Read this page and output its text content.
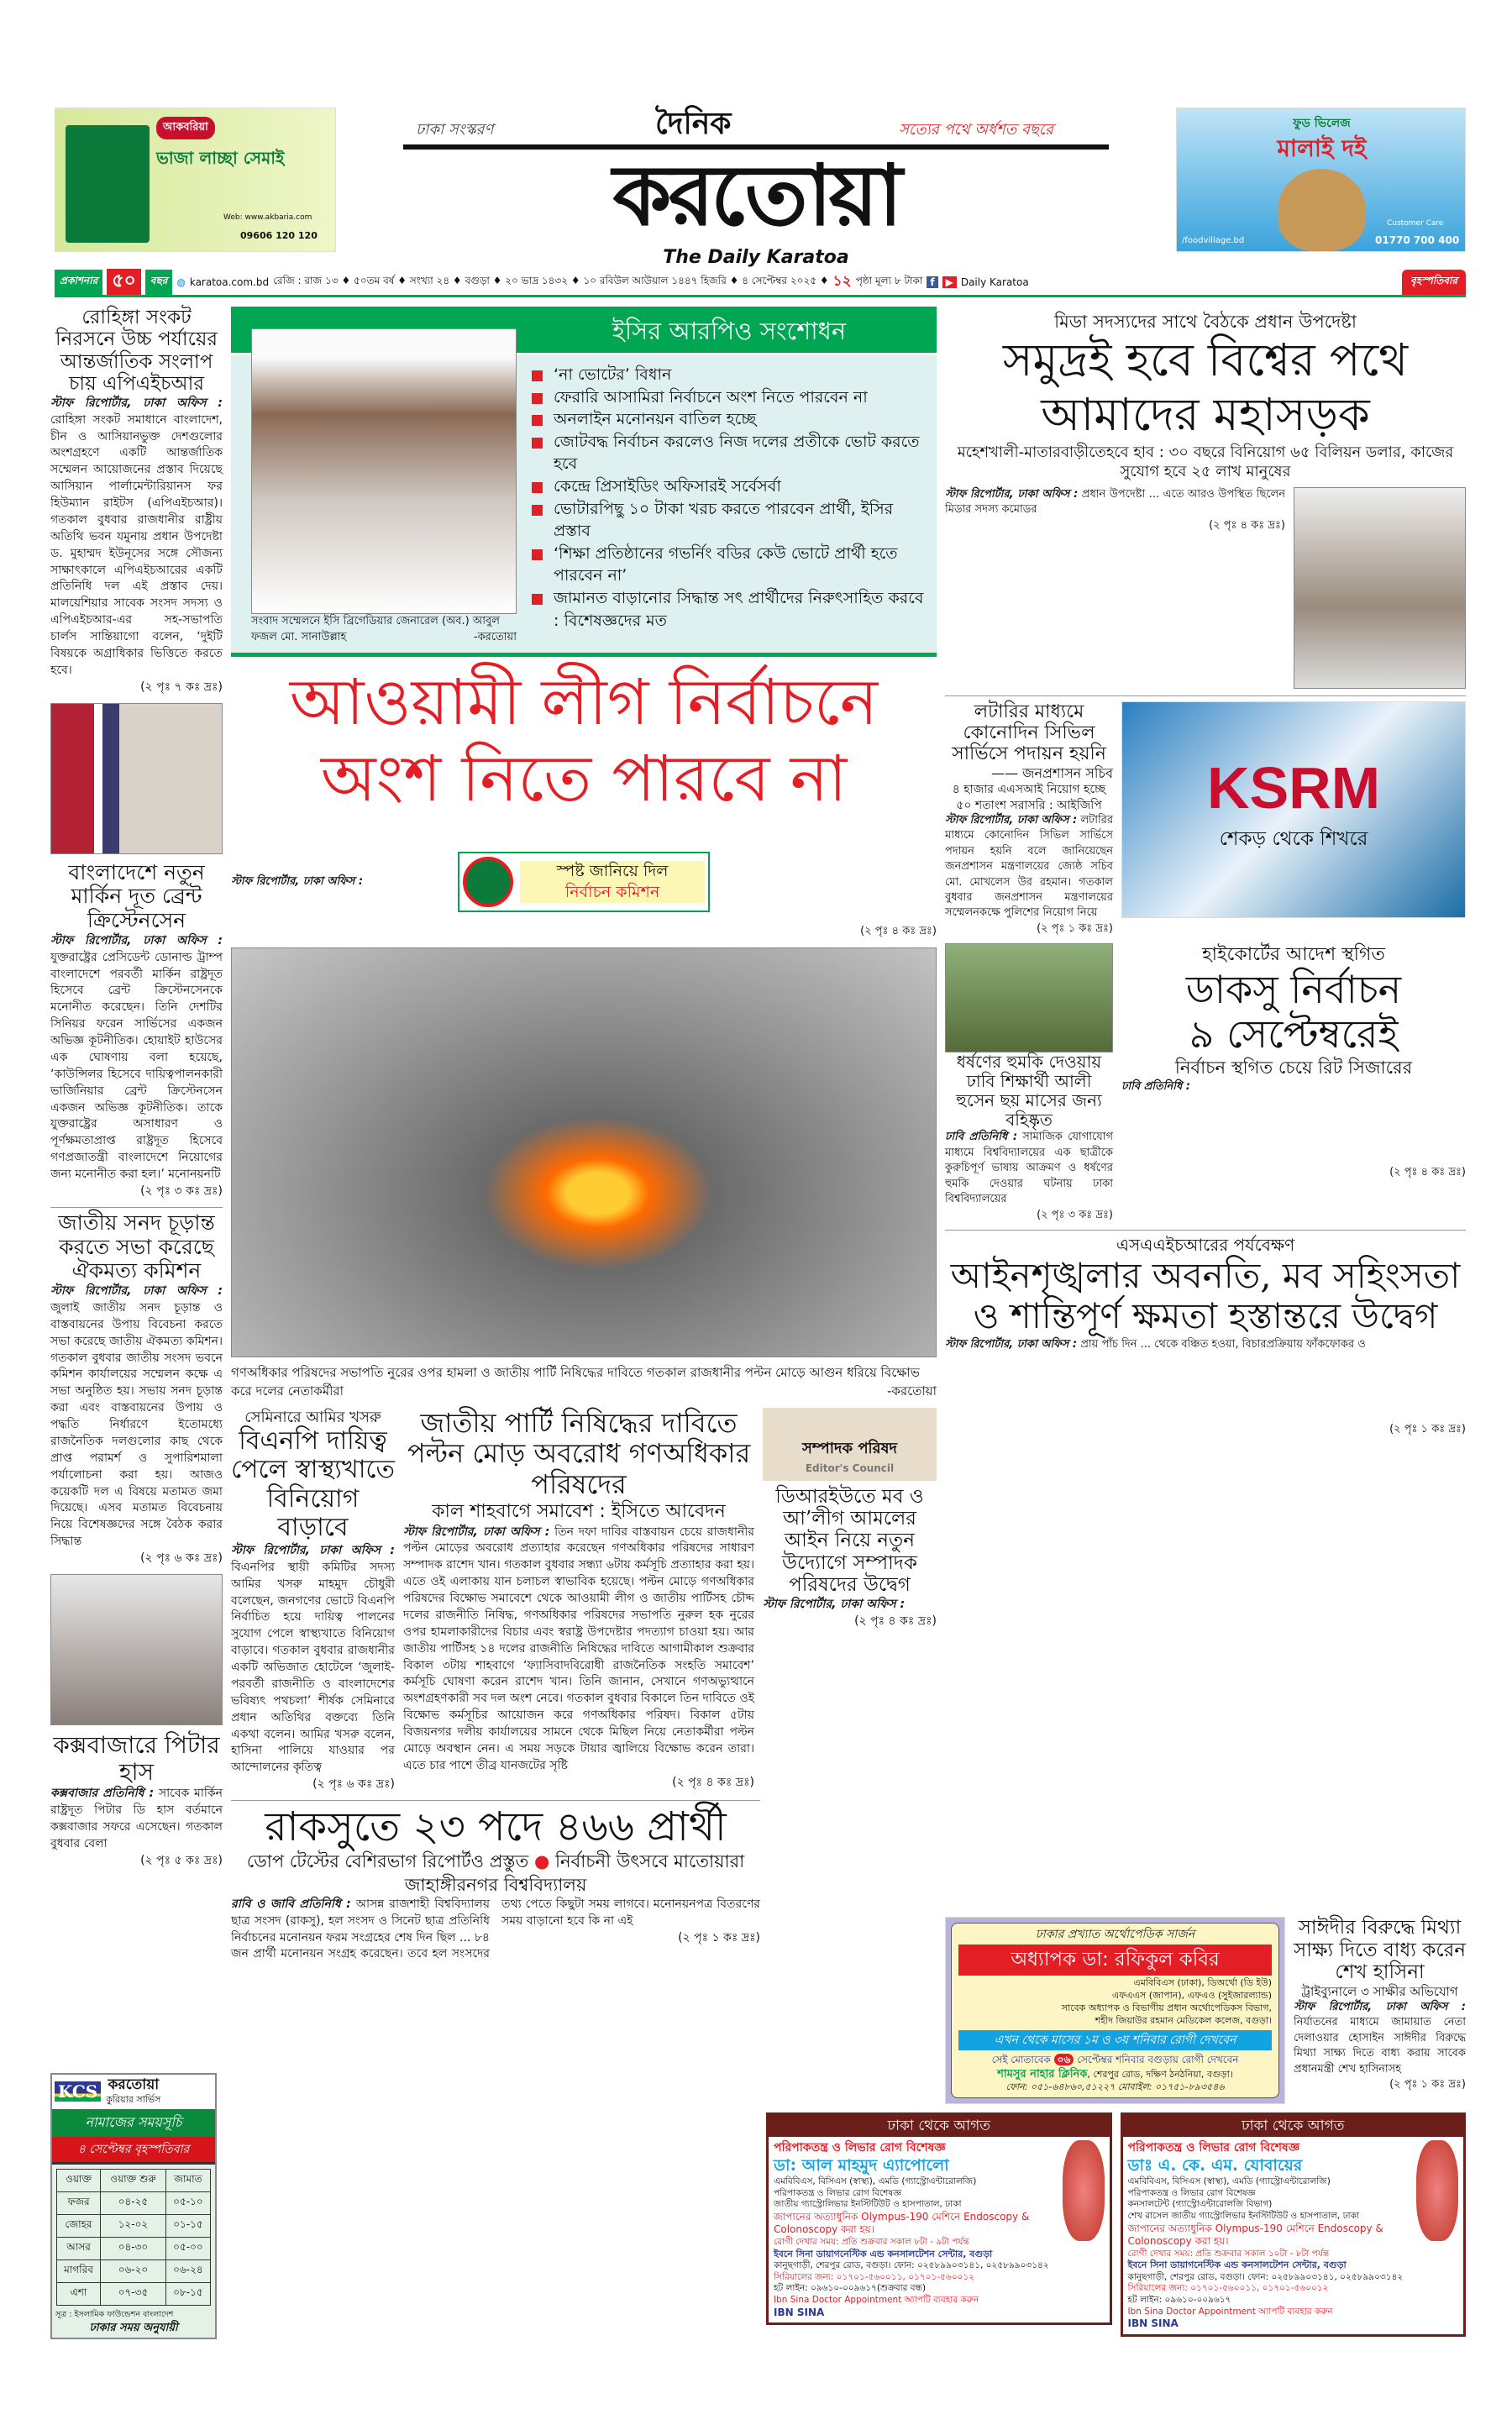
আকবরিয়া
ভাজা লাচ্ছা সেমাই
Web: www.akbaria.com
09606 120 120
ঢাকা সংস্করণ	দৈনিক	সত্যের পথে অর্ধশত বছরে
করতোয়া
The Daily Karatoa
ফুড ভিলেজ
মালাই দই
/foodvillage.bd
Customer Care
01770 700 400
প্রকাশনার ৫০	বছর ◍ karatoa.com.bd রেজি : রাজ ১৩ ♦ ৫০তম বর্ষ ♦ সংখ্যা ২৪ ♦ বগুড়া ♦ ২০ ভাদ্র ১৪৩২ ♦ ১০ রবিউল আউয়াল ১৪৪৭ হিজরি ♦ ৪ সেপ্টেম্বর ২০২৫ ♦ ১২ পৃষ্ঠা মূল্য ৮ টাকা f	▶ Daily Karatoa	বৃহস্পতিবার
রোহিঙ্গা সংকট নিরসনে উচ্চ পর্যায়ের আন্তর্জাতিক সংলাপ চায় এপিএইচআর
স্টাফ রিপোর্টার, ঢাকা অফিস : রোহিঙ্গা সংকট সমাধানে বাংলাদেশ, চীন ও আসিয়ানভুক্ত দেশগুলোর অংশগ্রহণে একটি আন্তর্জাতিক সম্মেলন আয়োজনের প্রস্তাব দিয়েছে আসিয়ান পার্লামেন্টারিয়ানস ফর হিউম্যান রাইটস (এপিএইচআর)। গতকাল বুধবার রাজধানীর রাষ্ট্রীয় অতিথি ভবন যমুনায় প্রধান উপদেষ্টা ড. মুহাম্মদ ইউনূসের সঙ্গে সৌজন্য সাক্ষাৎকালে এপিএইচআরের একটি প্রতিনিধি দল এই প্রস্তাব দেয়। মালয়েশিয়ার সাবেক সংসদ সদস্য ও এপিএইচআর-এর সহ-সভাপতি চার্লস সান্তিয়াগো বলেন, ‘দুইটি বিষয়কে অগ্রাধিকার ভিত্তিতে করতে হবে।
(২ পৃঃ ৭ কঃ দ্রঃ)
বাংলাদেশে নতুন মার্কিন দূত ব্রেন্ট ক্রিস্টেনসেন
স্টাফ রিপোর্টার, ঢাকা অফিস : যুক্তরাষ্ট্রের প্রেসিডেন্ট ডোনাল্ড ট্রাম্প বাংলাদেশে পরবর্তী মার্কিন রাষ্ট্রদূত হিসেবে ব্রেন্ট ক্রিস্টেনসেনকে মনোনীত করেছেন। তিনি দেশটির সিনিয়র ফরেন সার্ভিসের একজন অভিজ্ঞ কূটনীতিক। হোয়াইট হাউসের এক ঘোষণায় বলা হয়েছে, ‘কাউন্সিলর হিসেবে দায়িত্বপালনকারী ভার্জিনিয়ার ব্রেন্ট ক্রিস্টেনসেন একজন অভিজ্ঞ কূটনীতিক। তাকে যুক্তরাষ্ট্রের অসাধারণ ও পূর্ণক্ষমতাপ্রাপ্ত রাষ্ট্রদূত হিসেবে গণপ্রজাতন্ত্রী বাংলাদেশে নিয়োগের জন্য মনোনীত করা হল।’ মনোনয়নটি
(২ পৃঃ ৩ কঃ দ্রঃ)
জাতীয় সনদ চূড়ান্ত করতে সভা করেছে ঐকমত্য কমিশন
স্টাফ রিপোর্টার, ঢাকা অফিস : জুলাই জাতীয় সনদ চূড়ান্ত ও বাস্তবায়নের উপায় বিবেচনা করতে সভা করেছে জাতীয় ঐকমত্য কমিশন। গতকাল বুধবার জাতীয় সংসদ ভবনে কমিশন কার্যালয়ের সম্মেলন কক্ষে এ সভা অনুষ্ঠিত হয়। সভায় সনদ চূড়ান্ত করা এবং বাস্তবায়নের উপায় ও পদ্ধতি নির্ধারণে ইতোমধ্যে রাজনৈতিক দলগুলোর কাছ থেকে প্রাপ্ত পরামর্শ ও সুপারিশমালা পর্যালোচনা করা হয়। আজও কয়েকটি দল এ বিষয়ে মতামত জমা দিয়েছে। এসব মতামত বিবেচনায় নিয়ে বিশেষজ্ঞদের সঙ্গে বৈঠক করার সিদ্ধান্ত
(২ পৃঃ ৬ কঃ দ্রঃ)
কক্সবাজারে পিটার হাস
কক্সবাজার প্রতিনিধি : সাবেক মার্কিন রাষ্ট্রদূত পিটার ডি হাস বর্তমানে কক্সবাজার সফরে এসেছেন। গতকাল বুধবার বেলা
(২ পৃঃ ৫ কঃ দ্রঃ)
KCS করতোয়া
কুরিয়ার সার্ভিস
নামাজের সময়সূচি
৪ সেপ্টেম্বর বৃহস্পতিবার
ওয়াক্ত	ওয়াক্ত শুরু	জামাত
ফজর	০৪-২৫	০৫-১০
জোহর	১২-০২	০১-১৫
আসর	০৪-৩০	০৫-০০
মাগরিব	০৬-২০	০৬-২৪
এশা	০৭-৩৫	০৮-১৫
সূত্র : ইসলামিক ফাউন্ডেশন বাংলাদেশ
ঢাকার সময় অনুযায়ী
সংবাদ সম্মেলনে ইসি ব্রিগেডিয়ার জেনারেল (অব.) আবুল ফজল মো. সানাউল্লাহ	-করতোয়া
ইসির আরপিও সংশোধন
‘না ভোটের’ বিধান
ফেরারি আসামিরা নির্বাচনে অংশ নিতে পারবেন না
অনলাইন মনোনয়ন বাতিল হচ্ছে
জোটবদ্ধ নির্বাচন করলেও নিজ দলের প্রতীকে ভোট করতে হবে
কেন্দ্রে প্রিসাইডিং অফিসারই সর্বেসর্বা
ভোটারপিছু ১০ টাকা খরচ করতে পারবেন প্রার্থী, ইসির প্রস্তাব
‘শিক্ষা প্রতিষ্ঠানের গভর্নিং বডির কেউ ভোটে প্রার্থী হতে পারবেন না’
জামানত বাড়ানোর সিদ্ধান্ত সৎ প্রার্থীদের নিরুৎসাহিত করবে : বিশেষজ্ঞদের মত
আওয়ামী লীগ নির্বাচনে
অংশ নিতে পারবে না
স্টাফ রিপোর্টার, ঢাকা অফিস :
স্পষ্ট জানিয়ে দিল
নির্বাচন কমিশন
(২ পৃঃ ৪ কঃ দ্রঃ)
গণঅধিকার পরিষদের সভাপতি নুরের ওপর হামলা ও জাতীয় পার্টি নিষিদ্ধের দাবিতে গতকাল রাজধানীর পল্টন মোড়ে আগুন ধরিয়ে বিক্ষোভ করে দলের নেতাকর্মীরা	-করতোয়া
সেমিনারে আমির খসরু
বিএনপি দায়িত্ব পেলে স্বাস্থ্যখাতে বিনিয়োগ বাড়াবে
স্টাফ রিপোর্টার, ঢাকা অফিস : বিএনপির স্থায়ী কমিটির সদস্য আমির খসরু মাহমুদ চৌধুরী বলেছেন, জনগণের ভোটে বিএনপি নির্বাচিত হয়ে দায়িত্ব পালনের সুযোগ পেলে স্বাস্থ্যখাতে বিনিয়োগ বাড়াবে। গতকাল বুধবার রাজধানীর একটি অভিজাত হোটেলে ‘জুলাই-পরবর্তী রাজনীতি ও বাংলাদেশের ভবিষ্যৎ পথচলা’ শীর্ষক সেমিনারে প্রধান অতিথির বক্তব্যে তিনি একথা বলেন। আমির খসরু বলেন, হাসিনা পালিয়ে যাওয়ার পর আন্দোলনের কৃতিত্ব
(২ পৃঃ ৬ কঃ দ্রঃ)
জাতীয় পার্টি নিষিদ্ধের দাবিতে পল্টন মোড় অবরোধ গণঅধিকার পরিষদের
কাল শাহবাগে সমাবেশ : ইসিতে আবেদন
স্টাফ রিপোর্টার, ঢাকা অফিস : তিন দফা দাবির বাস্তবায়ন চেয়ে রাজধানীর পল্টন মোড়ের অবরোধ প্রত্যাহার করেছেন গণঅধিকার পরিষদের সাধারণ সম্পাদক রাশেদ খান। গতকাল বুধবার সন্ধ্যা ৬টায় কর্মসূচি প্রত্যাহার করা হয়। এতে ওই এলাকায় যান চলাচল স্বাভাবিক হয়েছে। পল্টন মোড়ে গণঅধিকার পরিষদের বিক্ষোভ সমাবেশে থেকে আওয়ামী লীগ ও জাতীয় পার্টিসহ চৌদ্দ দলের রাজনীতি নিষিদ্ধ, গণঅধিকার পরিষদের সভাপতি নুরুল হক নুরের ওপর হামলাকারীদের বিচার এবং স্বরাষ্ট্র উপদেষ্টার পদত্যাগ চাওয়া হয়। আর জাতীয় পার্টিসহ ১৪ দলের রাজনীতি নিষিদ্ধের দাবিতে আগামীকাল শুক্রবার বিকাল ৩টায় শাহবাগে ‘ফ্যাসিবাদবিরোধী রাজনৈতিক সংহতি সমাবেশ’ কর্মসূচি ঘোষণা করেন রাশেদ খান। তিনি জানান, সেখানে গণঅভ্যুত্থানে অংশগ্রহণকারী সব দল অংশ নেবে। গতকাল বুধবার বিকালে তিন দাবিতে ওই বিক্ষোভ কর্মসূচির আয়োজন করে গণঅধিকার পরিষদ। বিকাল ৫টায় বিজয়নগর দলীয় কার্যালয়ের সামনে থেকে মিছিল নিয়ে নেতাকর্মীরা পল্টন মোড়ে অবস্থান নেন। এ সময় সড়কে টায়ার জ্বালিয়ে বিক্ষোভ করেন তারা। এতে চার পাশে তীব্র যানজটের সৃষ্টি
(২ পৃঃ ৪ কঃ দ্রঃ)
সম্পাদক পরিষদ
Editor's Council
ডিআরইউতে মব ও আ’লীগ আমলের আইন নিয়ে নতুন উদ্যোগে সম্পাদক পরিষদের উদ্বেগ
স্টাফ রিপোর্টার, ঢাকা অফিস :
(২ পৃঃ ৪ কঃ দ্রঃ)
রাকসুতে ২৩ পদে ৪৬৬ প্রার্থী
ডোপ টেস্টের বেশিরভাগ রিপোর্টও প্রস্তুত ● নির্বাচনী উৎসবে মাতোয়ারা জাহাঙ্গীরনগর বিশ্ববিদ্যালয়
রাবি ও জাবি প্রতিনিধি : আসন্ন রাজশাহী বিশ্ববিদ্যালয় ছাত্র সংসদ (রাকসু), হল সংসদ ও সিনেট ছাত্র প্রতিনিধি নির্বাচনের মনোনয়ন ফরম সংগ্রহের শেষ দিন ছিল ... ৮৪ জন প্রার্থী মনোনয়ন সংগ্রহ করেছেন। তবে হল সংসদের তথ্য পেতে কিছুটা সময় লাগবে। মনোনয়নপত্র বিতরণের সময় বাড়ানো হবে কি না এই
(২ পৃঃ ১ কঃ দ্রঃ)
মিডা সদস্যদের সাথে বৈঠকে প্রধান উপদেষ্টা
সমুদ্রই হবে বিশ্বের পথে আমাদের মহাসড়ক
মহেশখালী-মাতারবাড়ীতেহবে হাব : ৩০ বছরে বিনিয়োগ ৬৫ বিলিয়ন ডলার, কাজের সুযোগ হবে ২৫ লাখ মানুষের
স্টাফ রিপোর্টার, ঢাকা অফিস : প্রধান উপদেষ্টা ... এতে আরও উপস্থিত ছিলেন মিডার সদস্য কমোডর
(২ পৃঃ ৪ কঃ দ্রঃ)
লটারির মাধ্যমে কোনোদিন সিভিল সার্ভিসে পদায়ন হয়নি
—— জনপ্রশাসন সচিব
৪ হাজার এএসআই নিয়োগ হচ্ছে
৫০ শতাংশ সরাসরি : আইজিপি
স্টাফ রিপোর্টার, ঢাকা অফিস : লটারির মাধ্যমে কোনোদিন সিভিল সার্ভিসে পদায়ন হয়নি বলে জানিয়েছেন জনপ্রশাসন মন্ত্রণালয়ের জ্যেষ্ঠ সচিব মো. মোখলেস উর রহমান। গতকাল বুধবার জনপ্রশাসন মন্ত্রণালয়ের সম্মেলনকক্ষে পুলিশের নিয়োগ নিয়ে
(২ পৃঃ ১ কঃ দ্রঃ)
KSRM
শেকড় থেকে শিখরে
ধর্ষণের হুমকি দেওয়ায় ঢাবি শিক্ষার্থী আলী হুসেন ছয় মাসের জন্য বহিষ্কৃত
ঢাবি প্রতিনিধি : সামাজিক যোগাযোগ মাধ্যমে বিশ্ববিদ্যালয়ের এক ছাত্রীকে কুরুচিপূর্ণ ভাষায় আক্রমণ ও ধর্ষণের হুমকি দেওয়ার ঘটনায় ঢাকা বিশ্ববিদ্যালয়ের
(২ পৃঃ ৩ কঃ দ্রঃ)
হাইকোর্টের আদেশ স্থগিত
ডাকসু নির্বাচন
৯ সেপ্টেম্বরেই
নির্বাচন স্থগিত চেয়ে রিট সিজারের
ঢাবি প্রতিনিধি :
(২ পৃঃ ৪ কঃ দ্রঃ)
এসএএইচআরের পর্যবেক্ষণ
আইনশৃঙ্খলার অবনতি, মব সহিংসতা ও শান্তিপূর্ণ ক্ষমতা হস্তান্তরে উদ্বেগ
স্টাফ রিপোর্টার, ঢাকা অফিস : প্রায় পাঁচ দিন ... থেকে বঞ্চিত হওয়া, বিচারপ্রক্রিয়ায় ফাঁকফোকর ও
(২ পৃঃ ১ কঃ দ্রঃ)
ঢাকার প্রখ্যাত অর্থোপেডিক সার্জন
অধ্যাপক ডা: রফিকুল কবির
এমবিবিএস (ঢাকা), ডিঅর্থো (ডি ইউ)
এফএএস (জাপান), এফএও (সুইজারল্যান্ড)
সাবেক অধ্যাপক ও বিভাগীয় প্রধান অর্থোপেডিকস বিভাগ,
শহীদ জিয়াউর রহমান মেডিকেল কলেজ, বগুড়া।
এখন থেকে মাসের ১ম ও ৩য় শনিবার রোগী দেখবেন
সেই মোতাবেক ০৬ সেপ্টেম্বর শনিবার বগুড়ায় রোগী দেখবেন
শামসুর নাহার ক্লিনিক, শেরপুর রোড, দক্ষিণ ঠনঠনিয়া, বগুড়া।
ফোন: ০৫১-৬৪৮৬০,৫১২২৭ মোবাইল: ০১৭৫১-৮৯৩৫৪৬
সাঈদীর বিরুদ্ধে মিথ্যা সাক্ষ্য দিতে বাধ্য করেন শেখ হাসিনা
ট্রাইব্যুনালে ৩ সাক্ষীর অভিযোগ
স্টাফ রিপোর্টার, ঢাকা অফিস : নির্যাতনের মাধ্যমে জামায়াত নেতা দেলাওয়ার হোসাইন সাঈদীর বিরুদ্ধে মিথ্যা সাক্ষ্য দিতে বাধ্য করায় সাবেক প্রধানমন্ত্রী শেখ হাসিনাসহ
(২ পৃঃ ১ কঃ দ্রঃ)
ঢাকা থেকে আগত
পরিপাকতন্ত্র ও লিভার রোগ বিশেষজ্ঞ
ডা: আল মাহমুদ এ্যাপোলো
এমবিবিএস, বিসিএস (স্বাস্থ্য), এমডি (গ্যাস্ট্রোএন্টারোলজি)
পরিপাকতন্ত্র ও লিভার রোগ বিশেষজ্ঞ
জাতীয় গ্যাস্ট্রোলিভার ইনস্টিটিউট ও হাসপাতাল, ঢাকা
জাপানের অত্যাধুনিক Olympus-190 মেশিনে Endoscopy & Colonoscopy করা হয়।
রোগী দেখার সময়: প্রতি শুক্রবার সকাল ৮টা - ৯টা পর্যন্ত
ইবনে সিনা ডায়াগনেস্টিক এন্ড কনসালটেশন সেন্টার, বগুড়া
কানুছগাড়ী, শেরপুর রোড, বগুড়া। ফোন: ০২৫৮৯৯০৩১৪১, ০২৫৮৯৯০৩১৪২
সিরিয়ালের জন্য: ০১৭০১-৫৬০০১১, ০১৭০১-৫৬০০১২
হট লাইন: ০৯৬১০-০০৯৬১৭(শুক্রবার বন্ধ)
Ibn Sina Doctor Appointment অ্যাপটি ব্যবহার করুন
IBN SINA
ঢাকা থেকে আগত
পরিপাকতন্ত্র ও লিভার রোগ বিশেষজ্ঞ
ডাঃ এ. কে. এম. যোবায়ের
এমবিবিএস, বিসিএস (স্বাস্থ্য), এমডি (গ্যাস্ট্রোএন্টারোলজি)
পরিপাকতন্ত্র ও লিভার রোগ বিশেষজ্ঞ
কনসালটেন্ট (গ্যাস্ট্রোএন্টারোলজি বিভাগ)
শেখ রাসেল জাতীয় গ্যাস্ট্রোলিভার ইনস্টিটিউট ও হাসপাতাল, ঢাকা
জাপানের অত্যাধুনিক Olympus-190 মেশিনে Endoscopy & Colonoscopy করা হয়।
রোগী দেখার সময়: প্রতি শুক্রবার সকাল ১০টা - ৮টা পর্যন্ত
ইবনে সিনা ডায়াগনেস্টিক এন্ড কনসালটেশন সেন্টার, বগুড়া
কানুছগাড়ী, শেরপুর রোড, বগুড়া। ফোন: ০২৫৮৯৯০৩১৪১, ০২৫৮৯৯০৩১৪২
সিরিয়ালের জন্য: ০১৭০১-৫৬০০১১, ০১৭০১-৫৬০০১২
হট লাইন: ০৯৬১০-০০৯৬১৭
Ibn Sina Doctor Appointment অ্যাপটি ব্যবহার করুন
IBN SINA
